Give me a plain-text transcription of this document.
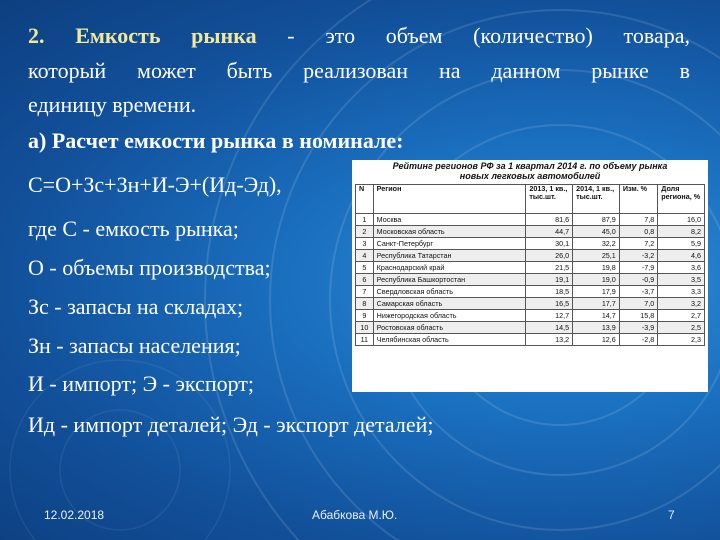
2. Емкость рынка - это объем (количество) товара,
который может быть реализован на данном рынке в
единицу времени.
а) Расчет емкости рынка в номинале:
С=О+Зс+Зн+И-Э+(Ид-Эд),
где С - емкость рынка;
О - объемы производства;
Зс - запасы на складах;
Зн - запасы населения;
И - импорт; Э - экспорт;
Ид - импорт деталей; Эд - экспорт деталей;
Рейтинг регионов РФ за 1 квартал 2014 г. по объему рынка
новых легковых автомобилей
N	Регион	2013, 1 кв., тыс.шт.	2014, 1 кв., тыс.шт.	Изм. %	Доля региона, %
1	Москва	81,6	87,9	7,8	16,0
2	Московская область	44,7	45,0	0,8	8,2
3	Санкт-Петербург	30,1	32,2	7,2	5,9
4	Республика Татарстан	26,0	25,1	-3,2	4,6
5	Краснодарский край	21,5	19,8	-7,9	3,6
6	Республика Башкортостан	19,1	19,0	-0,9	3,5
7	Свердловская область	18,5	17,9	-3,7	3,3
8	Самарская область	16,5	17,7	7,0	3,2
9	Нижегородская область	12,7	14,7	15,8	2,7
10	Ростовская область	14,5	13,9	-3,9	2,5
11	Челябинская область	13,2	12,6	-2,8	2,3
12.02.2018	Абабкова М.Ю.	7
